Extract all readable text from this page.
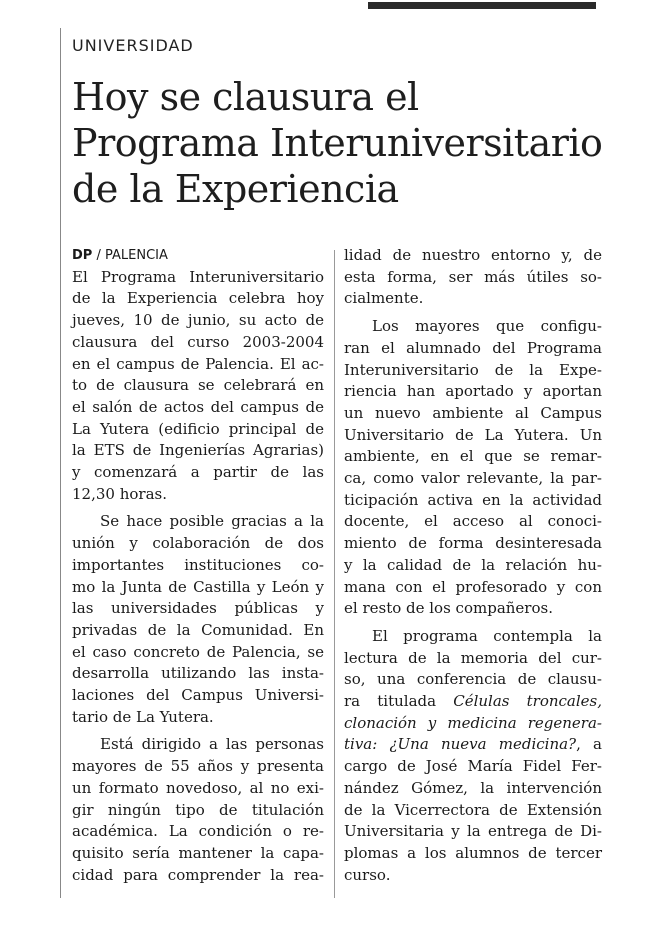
UNIVERSIDAD
Hoy se clausura el
Programa Interuniversitario
de la Experiencia
DP / PALENCIA
El Programa Interuniversitario
de la Experiencia celebra hoy
jueves, 10 de junio, su acto de
clausura del curso 2003-2004
en el campus de Palencia. El ac-
to de clausura se celebrará en
el salón de actos del campus de
La Yutera (edificio principal de
la ETS de Ingenierías Agrarias)
y comenzará a partir de las
12,30 horas.
Se hace posible gracias a la
unión y colaboración de dos
importantes instituciones co-
mo la Junta de Castilla y León y
las universidades públicas y
privadas de la Comunidad. En
el caso concreto de Palencia, se
desarrolla utilizando las insta-
laciones del Campus Universi-
tario de La Yutera.
Está dirigido a las personas
mayores de 55 años y presenta
un formato novedoso, al no exi-
gir ningún tipo de titulación
académica. La condición o re-
quisito sería mantener la capa-
cidad para comprender la rea-
lidad de nuestro entorno y, de
esta forma, ser más útiles so-
cialmente.
Los mayores que configu-
ran el alumnado del Programa
Interuniversitario de la Expe-
riencia han aportado y aportan
un nuevo ambiente al Campus
Universitario de La Yutera. Un
ambiente, en el que se remar-
ca, como valor relevante, la par-
ticipación activa en la actividad
docente, el acceso al conoci-
miento de forma desinteresada
y la calidad de la relación hu-
mana con el profesorado y con
el resto de los compañeros.
El programa contempla la
lectura de la memoria del cur-
so, una conferencia de clausu-
ra titulada Células troncales,
clonación y medicina regenera-
tiva: ¿Una nueva medicina?, a
cargo de José María Fidel Fer-
nández Gómez, la intervención
de la Vicerrectora de Extensión
Universitaria y la entrega de Di-
plomas a los alumnos de tercer
curso.
